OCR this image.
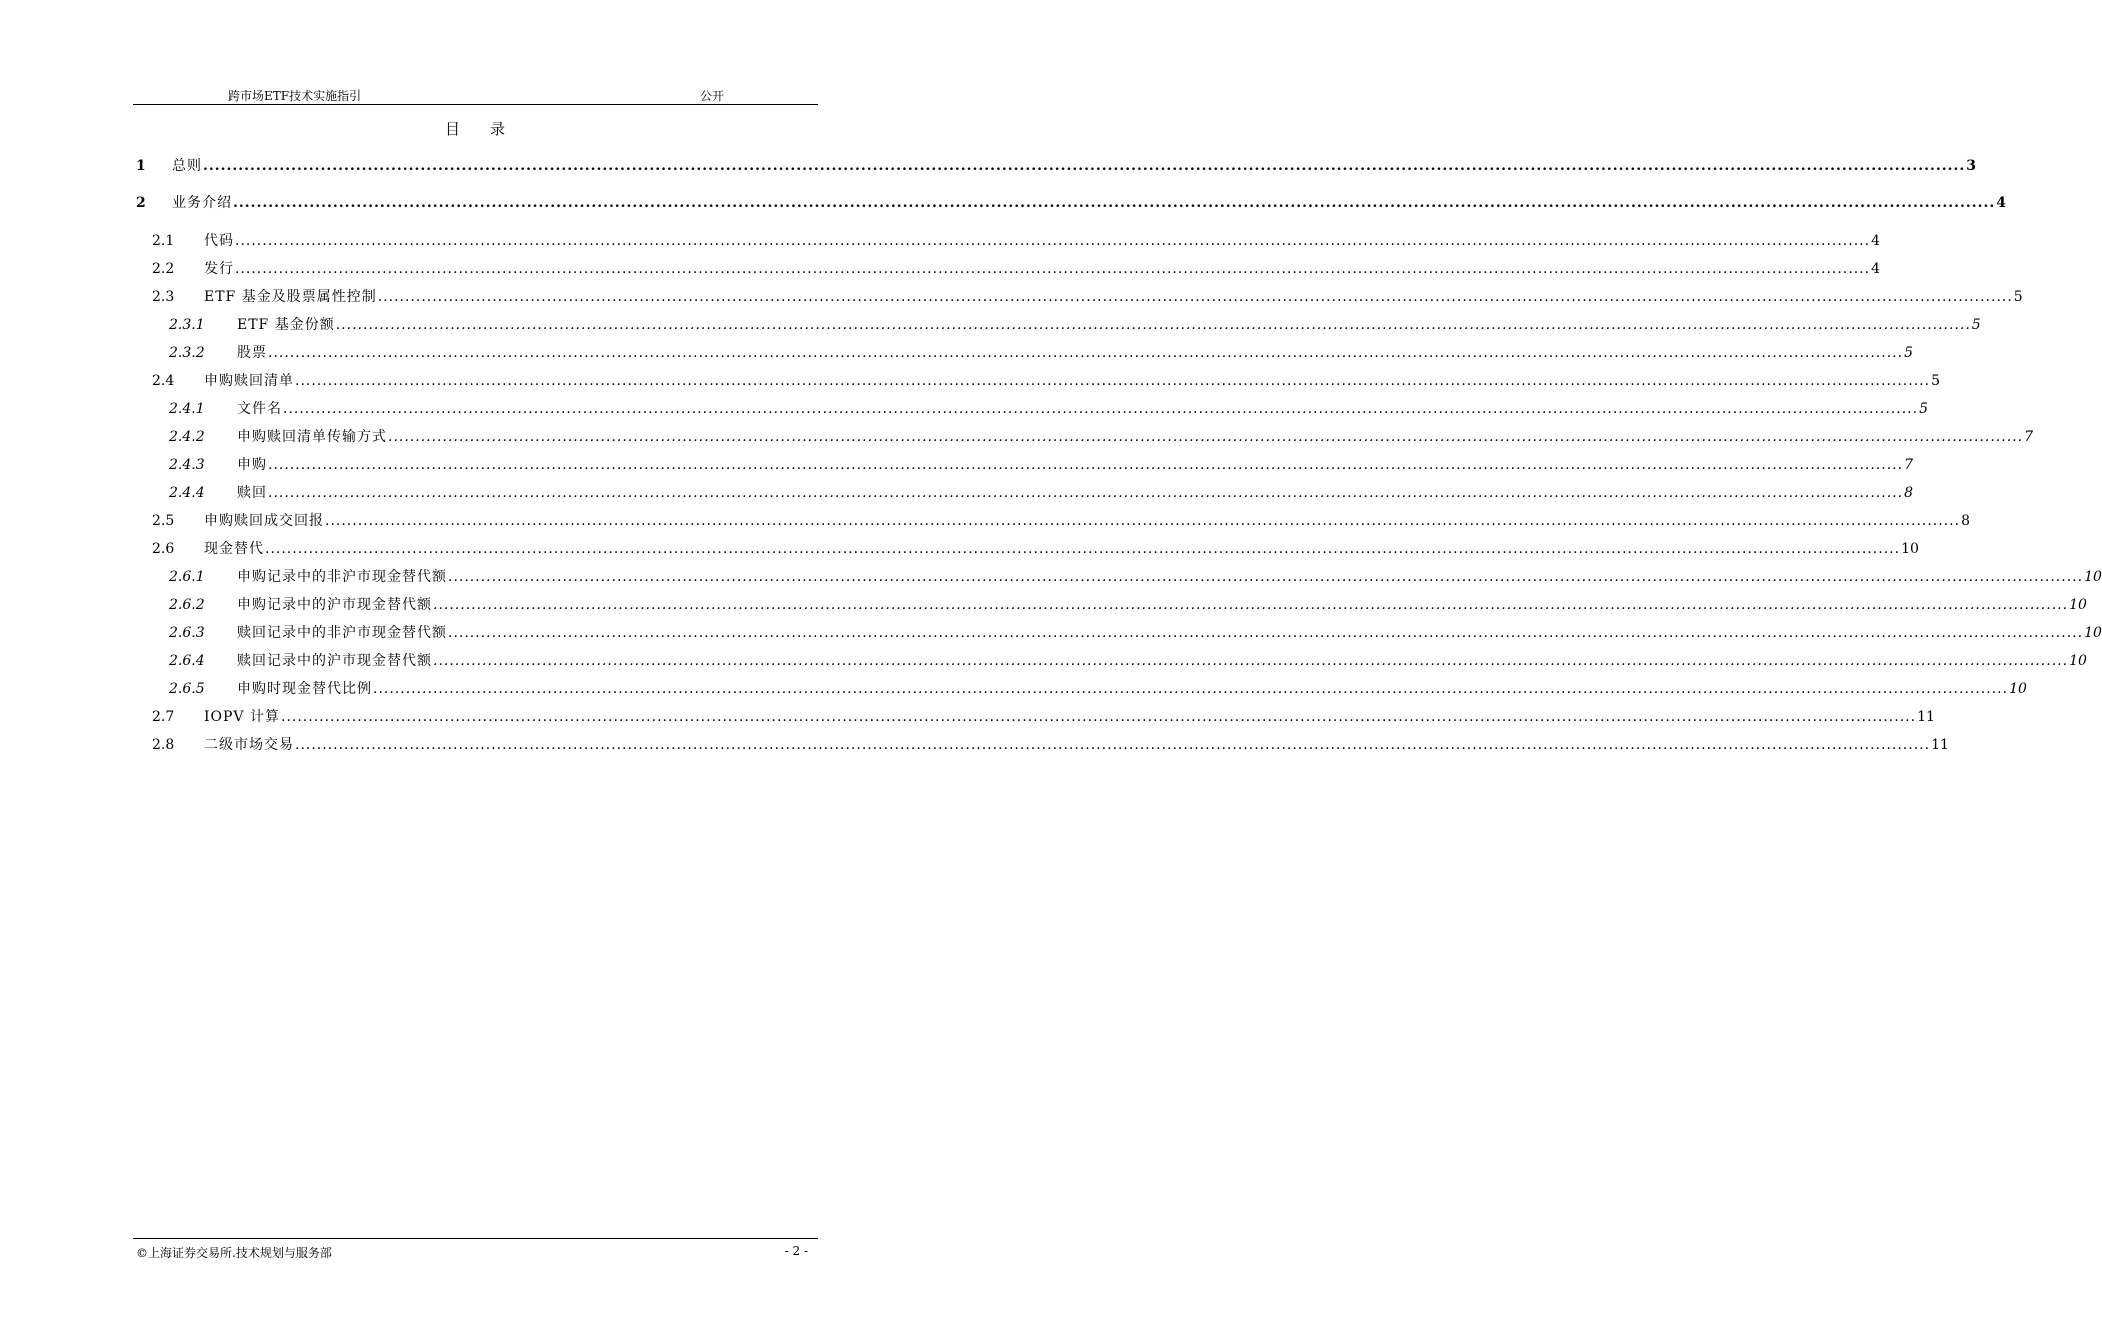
跨市场ETF技术实施指引	公开
目录
1 总则 ............................................................................................................................................................................................................................................................................................................ 3
2 业务介绍 ............................................................................................................................................................................................................................................................................................................ 4
2.1 代码 ............................................................................................................................................................................................................................................................................................................ 4
2.2 发行 ............................................................................................................................................................................................................................................................................................................ 4
2.3 ETF 基金及股票属性控制 ............................................................................................................................................................................................................................................................................................................ 5
2.3.1 ETF 基金份额 ............................................................................................................................................................................................................................................................................................................ 5
2.3.2 股票 ............................................................................................................................................................................................................................................................................................................ 5
2.4 申购赎回清单 ............................................................................................................................................................................................................................................................................................................ 5
2.4.1 文件名 ............................................................................................................................................................................................................................................................................................................ 5
2.4.2 申购赎回清单传输方式 ............................................................................................................................................................................................................................................................................................................ 7
2.4.3 申购 ............................................................................................................................................................................................................................................................................................................ 7
2.4.4 赎回 ............................................................................................................................................................................................................................................................................................................ 8
2.5 申购赎回成交回报 ............................................................................................................................................................................................................................................................................................................ 8
2.6 现金替代 ............................................................................................................................................................................................................................................................................................................ 10
2.6.1 申购记录中的非沪市现金替代额 ............................................................................................................................................................................................................................................................................................................ 10
2.6.2 申购记录中的沪市现金替代额 ............................................................................................................................................................................................................................................................................................................ 10
2.6.3 赎回记录中的非沪市现金替代额 ............................................................................................................................................................................................................................................................................................................ 10
2.6.4 赎回记录中的沪市现金替代额 ............................................................................................................................................................................................................................................................................................................ 10
2.6.5 申购时现金替代比例 ............................................................................................................................................................................................................................................................................................................ 10
2.7 IOPV 计算 ............................................................................................................................................................................................................................................................................................................ 11
2.8 二级市场交易 ............................................................................................................................................................................................................................................................................................................ 11
©上海证券交易所.技术规划与服务部	- 2 -
